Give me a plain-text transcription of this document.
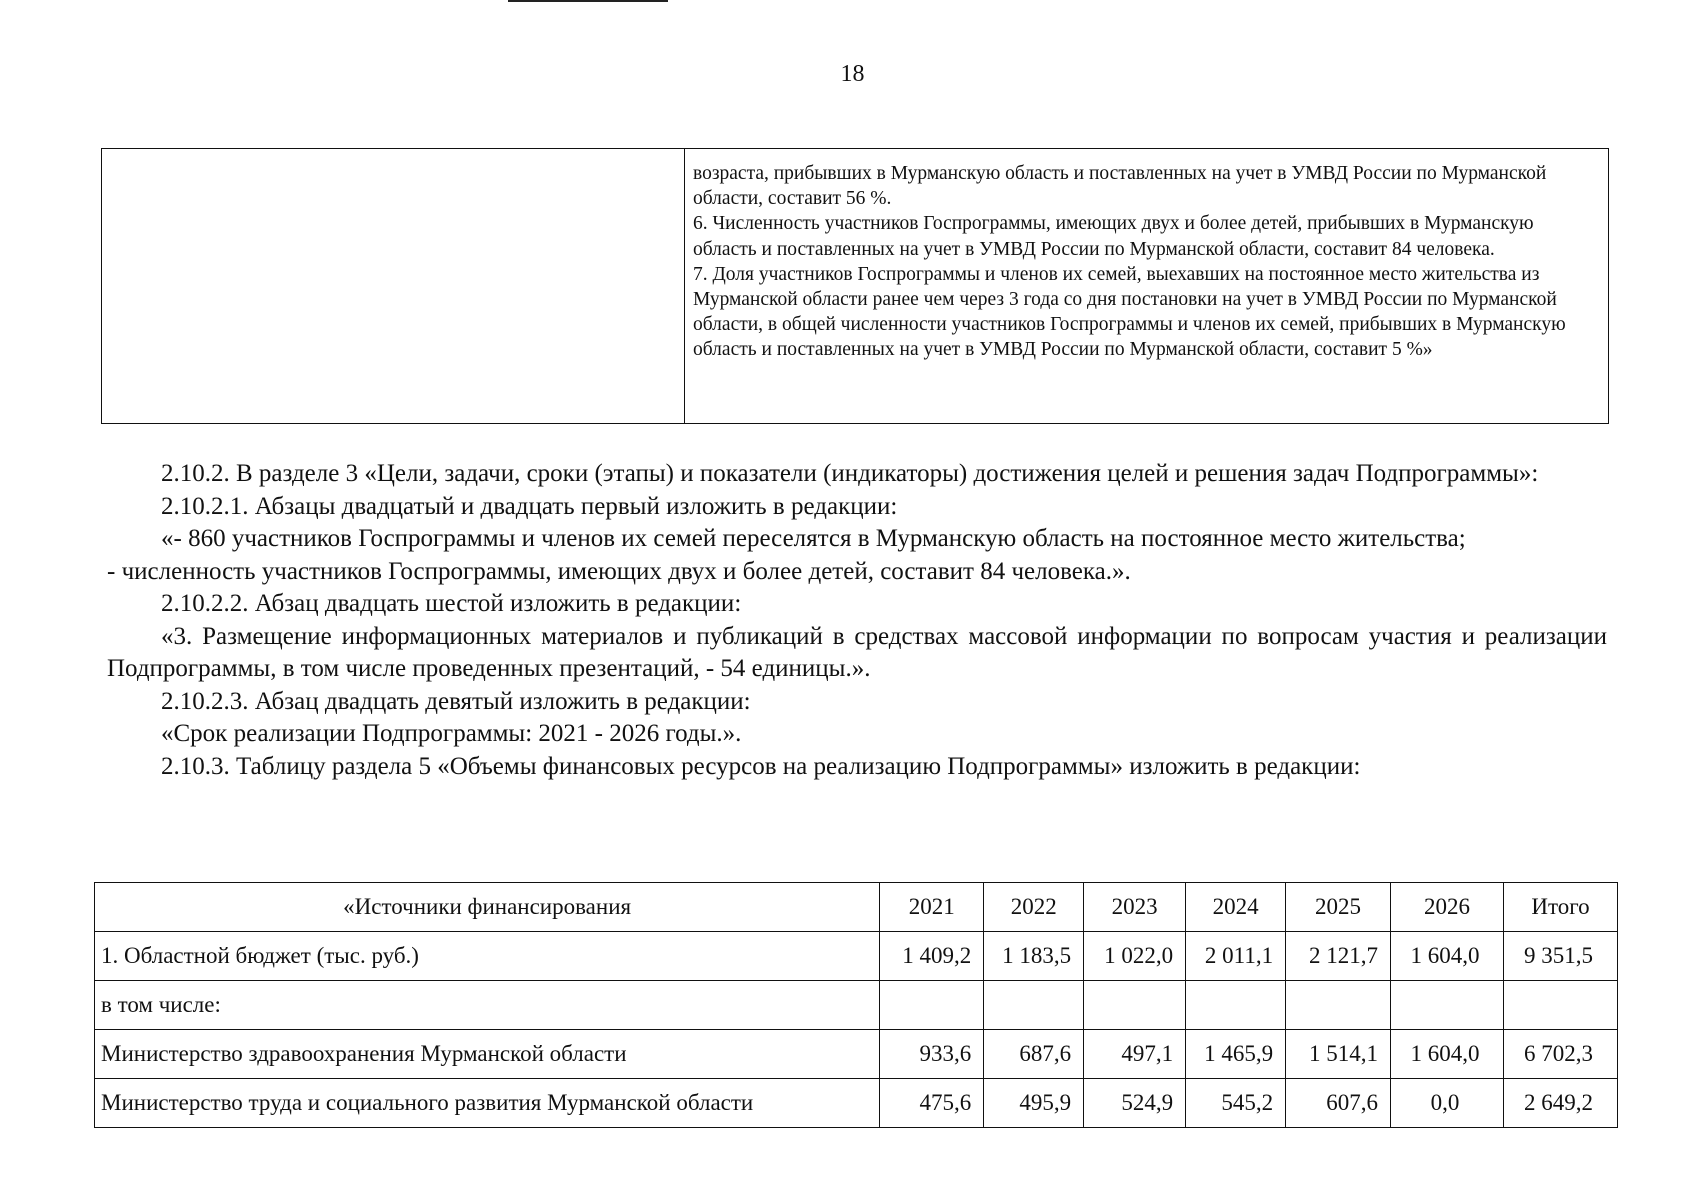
18

возраста, прибывших в Мурманскую область и поставленных на учет в УМВД России по Мурманской области, составит 56 %.

6. Численность участников Госпрограммы, имеющих двух и более детей, прибывших в Мурманскую область и поставленных на учет в УМВД России по Мурманской области, составит 84 человека.

7. Доля участников Госпрограммы и членов их семей, выехавших на постоянное место жительства из Мурманской области ранее чем через 3 года со дня постановки на учет в УМВД России по Мурманской области, в общей численности участников Госпрограммы и членов их семей, прибывших в Мурманскую область и поставленных на учет в УМВД России по Мурманской области, составит 5 %»

2.10.2. В разделе 3 «Цели, задачи, сроки (этапы) и показатели (индикаторы) достижения целей и решения задач Подпрограммы»:

2.10.2.1. Абзацы двадцатый и двадцать первый изложить в редакции:

«- 860 участников Госпрограммы и членов их семей переселятся в Мурманскую область на постоянное место жительства;

- численность участников Госпрограммы, имеющих двух и более детей, составит 84 человека.».

2.10.2.2. Абзац двадцать шестой изложить в редакции:

«3. Размещение информационных материалов и публикаций в средствах массовой информации по вопросам участия и реализации Подпрограммы, в том числе проведенных презентаций, - 54 единицы.».

2.10.2.3. Абзац двадцать девятый изложить в редакции:

«Срок реализации Подпрограммы: 2021 - 2026 годы.».

2.10.3. Таблицу раздела 5 «Объемы финансовых ресурсов на реализацию Подпрограммы» изложить в редакции:

«Источники финансирования	2021	2022	2023	2024	2025	2026	Итого
1. Областной бюджет (тыс. руб.)	1 409,2	1 183,5	1 022,0	2 011,1	2 121,7	1 604,0	9 351,5
в том числе:							
Министерство здравоохранения Мурманской области	933,6	687,6	497,1	1 465,9	1 514,1	1 604,0	6 702,3
Министерство труда и социального развития Мурманской области	475,6	495,9	524,9	545,2	607,6	0,0	2 649,2
